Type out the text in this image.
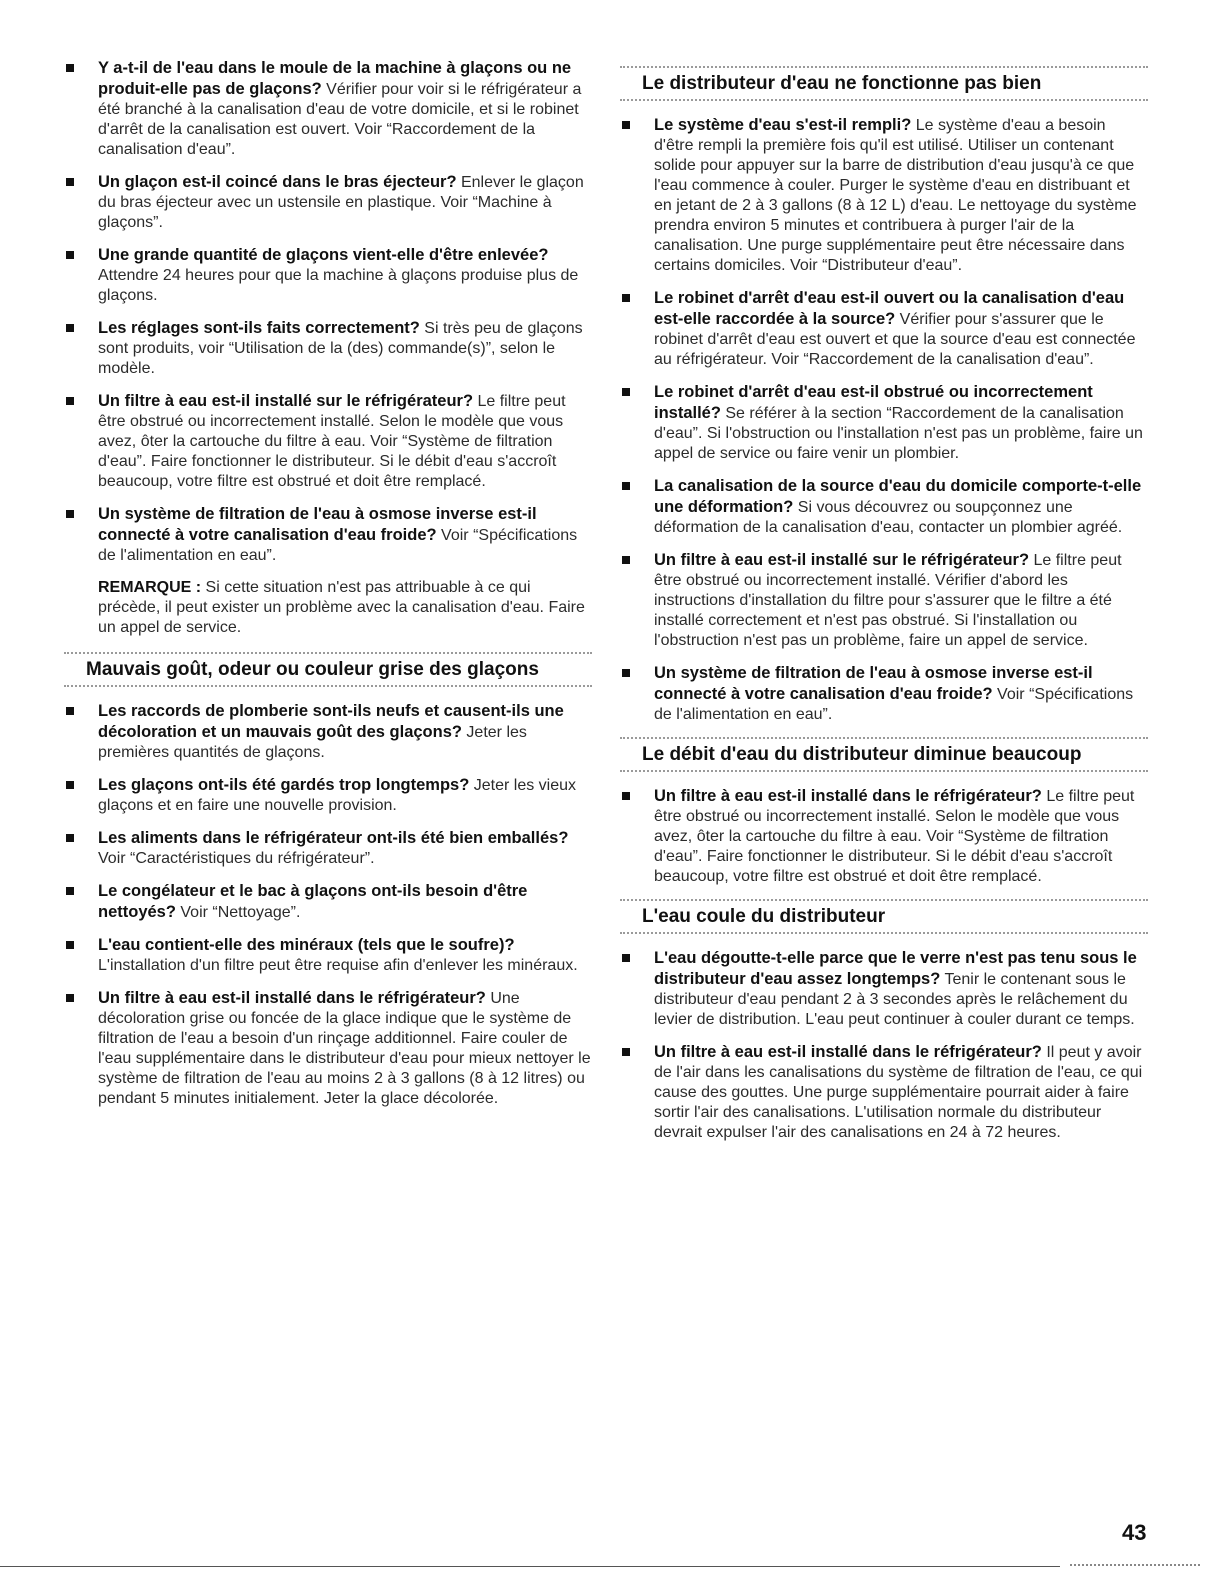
Y a-t-il de l'eau dans le moule de la machine à glaçons ou ne produit-elle pas de glaçons? Vérifier pour voir si le réfrigérateur a été branché à la canalisation d'eau de votre domicile, et si le robinet d'arrêt de la canalisation est ouvert. Voir “Raccordement de la canalisation d'eau”.
Un glaçon est-il coincé dans le bras éjecteur? Enlever le glaçon du bras éjecteur avec un ustensile en plastique. Voir “Machine à glaçons”.
Une grande quantité de glaçons vient-elle d'être enlevée? Attendre 24 heures pour que la machine à glaçons produise plus de glaçons.
Les réglages sont-ils faits correctement? Si très peu de glaçons sont produits, voir “Utilisation de la (des) commande(s)”, selon le modèle.
Un filtre à eau est-il installé sur le réfrigérateur? Le filtre peut être obstrué ou incorrectement installé. Selon le modèle que vous avez, ôter la cartouche du filtre à eau. Voir “Système de filtration d'eau”. Faire fonctionner le distributeur. Si le débit d'eau s'accroît beaucoup, votre filtre est obstrué et doit être remplacé.
Un système de filtration de l'eau à osmose inverse est-il connecté à votre canalisation d'eau froide? Voir “Spécifications de l'alimentation en eau”.

REMARQUE : Si cette situation n'est pas attribuable à ce qui précède, il peut exister un problème avec la canalisation d'eau. Faire un appel de service.

Mauvais goût, odeur ou couleur grise des glaçons
Les raccords de plomberie sont-ils neufs et causent-ils une décoloration et un mauvais goût des glaçons? Jeter les premières quantités de glaçons.
Les glaçons ont-ils été gardés trop longtemps? Jeter les vieux glaçons et en faire une nouvelle provision.
Les aliments dans le réfrigérateur ont-ils été bien emballés? Voir “Caractéristiques du réfrigérateur”.
Le congélateur et le bac à glaçons ont-ils besoin d'être nettoyés? Voir “Nettoyage”.
L'eau contient-elle des minéraux (tels que le soufre)? L'installation d'un filtre peut être requise afin d'enlever les minéraux.
Un filtre à eau est-il installé dans le réfrigérateur? Une décoloration grise ou foncée de la glace indique que le système de filtration de l'eau a besoin d'un rinçage additionnel. Faire couler de l'eau supplémentaire dans le distributeur d'eau pour mieux nettoyer le système de filtration de l'eau au moins 2 à 3 gallons (8 à 12 litres) ou pendant 5 minutes initialement. Jeter la glace décolorée.
Le distributeur d'eau ne fonctionne pas bien
Le système d'eau s'est-il rempli? Le système d'eau a besoin d'être rempli la première fois qu'il est utilisé. Utiliser un contenant solide pour appuyer sur la barre de distribution d'eau jusqu'à ce que l'eau commence à couler. Purger le système d'eau en distribuant et en jetant de 2 à 3 gallons (8 à 12 L) d'eau. Le nettoyage du système prendra environ 5 minutes et contribuera à purger l'air de la canalisation. Une purge supplémentaire peut être nécessaire dans certains domiciles. Voir “Distributeur d'eau”.
Le robinet d'arrêt d'eau est-il ouvert ou la canalisation d'eau est-elle raccordée à la source? Vérifier pour s'assurer que le robinet d'arrêt d'eau est ouvert et que la source d'eau est connectée au réfrigérateur. Voir “Raccordement de la canalisation d'eau”.
Le robinet d'arrêt d'eau est-il obstrué ou incorrectement installé? Se référer à la section “Raccordement de la canalisation d'eau”. Si l'obstruction ou l'installation n'est pas un problème, faire un appel de service ou faire venir un plombier.
La canalisation de la source d'eau du domicile comporte-t-elle une déformation? Si vous découvrez ou soupçonnez une déformation de la canalisation d'eau, contacter un plombier agréé.
Un filtre à eau est-il installé sur le réfrigérateur? Le filtre peut être obstrué ou incorrectement installé. Vérifier d'abord les instructions d'installation du filtre pour s'assurer que le filtre a été installé correctement et n'est pas obstrué. Si l'installation ou l'obstruction n'est pas un problème, faire un appel de service.
Un système de filtration de l'eau à osmose inverse est-il connecté à votre canalisation d'eau froide? Voir “Spécifications de l'alimentation en eau”.
Le débit d'eau du distributeur diminue beaucoup
Un filtre à eau est-il installé dans le réfrigérateur? Le filtre peut être obstrué ou incorrectement installé. Selon le modèle que vous avez, ôter la cartouche du filtre à eau. Voir “Système de filtration d'eau”. Faire fonctionner le distributeur. Si le débit d'eau s'accroît beaucoup, votre filtre est obstrué et doit être remplacé.
L'eau coule du distributeur
L'eau dégoutte-t-elle parce que le verre n'est pas tenu sous le distributeur d'eau assez longtemps? Tenir le contenant sous le distributeur d'eau pendant 2 à 3 secondes après le relâchement du levier de distribution. L'eau peut continuer à couler durant ce temps.
Un filtre à eau est-il installé dans le réfrigérateur? Il peut y avoir de l'air dans les canalisations du système de filtration de l'eau, ce qui cause des gouttes. Une purge supplémentaire pourrait aider à faire sortir l'air des canalisations. L'utilisation normale du distributeur devrait expulser l'air des canalisations en 24 à 72 heures.
43
